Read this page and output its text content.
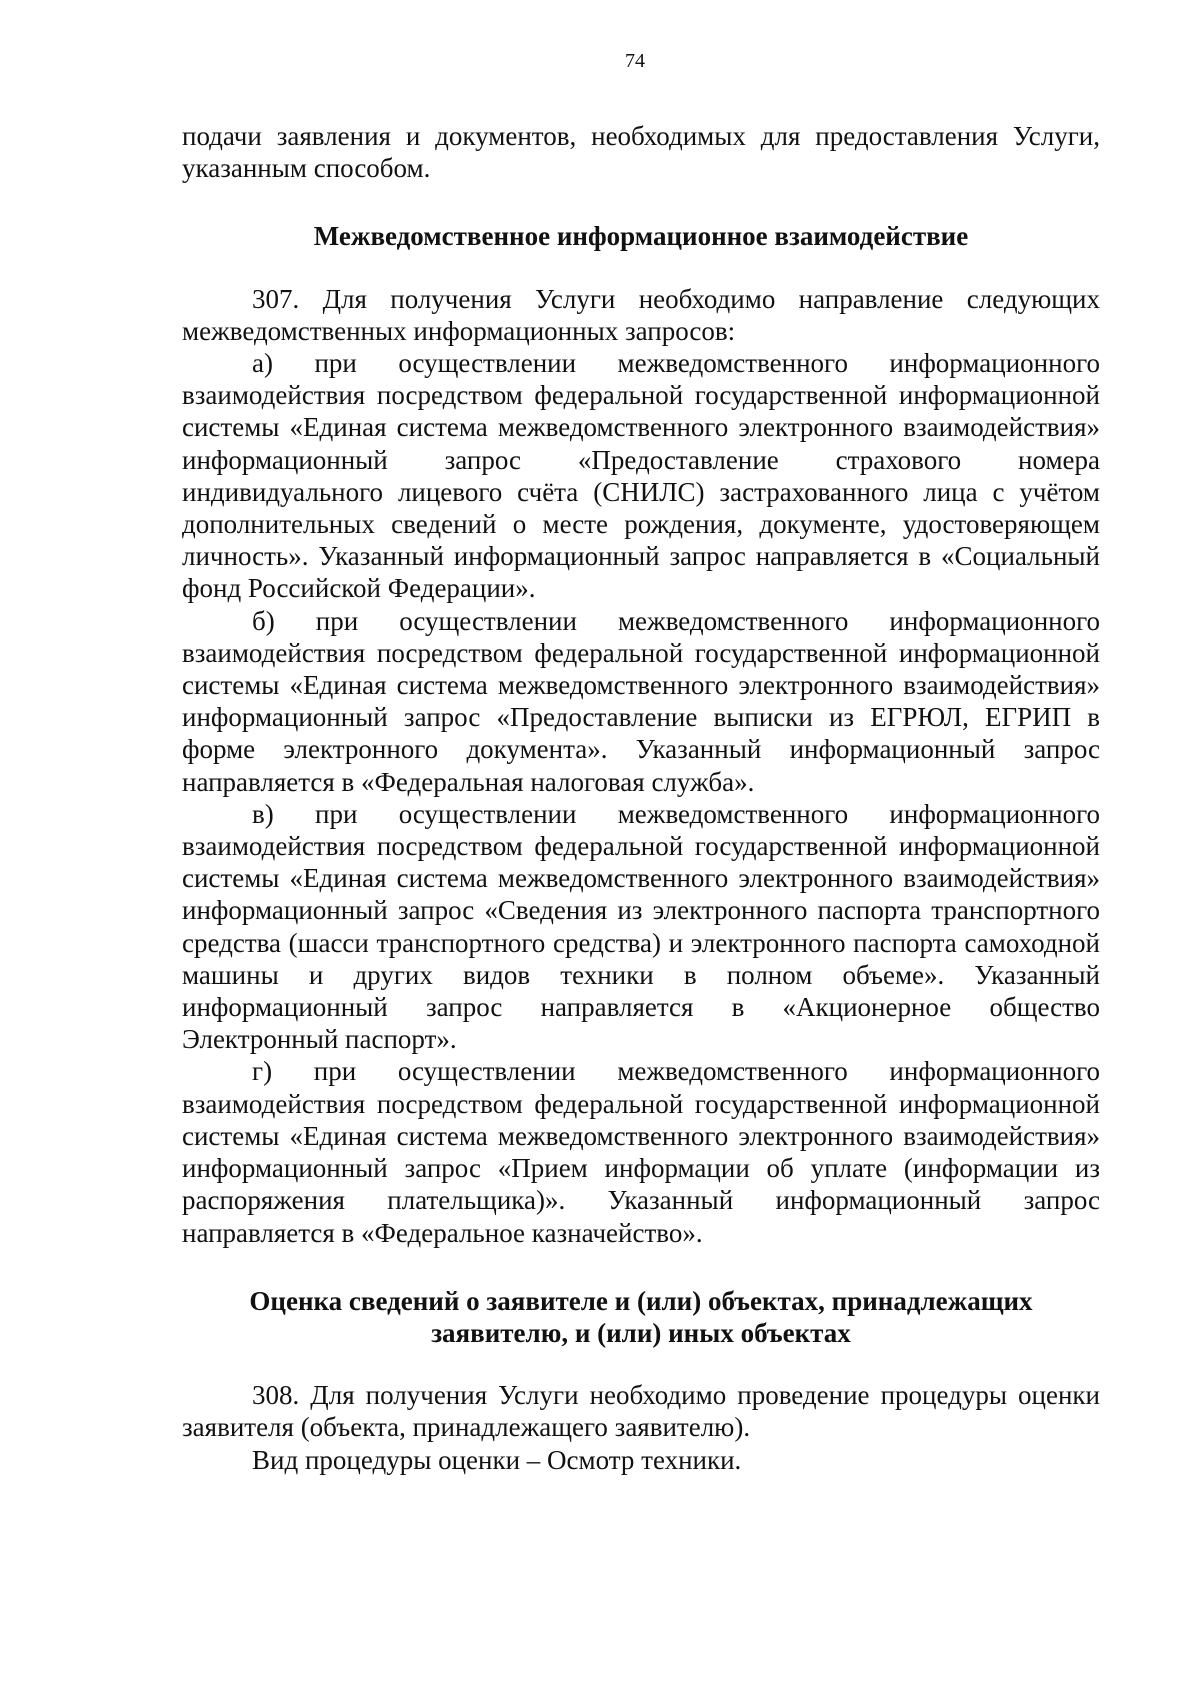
74

подачи заявления и документов, необходимых для предоставления Услуги, указанным способом.

Межведомственное информационное взаимодействие

307. Для получения Услуги необходимо направление следующих межведомственных информационных запросов:

а) при осуществлении межведомственного информационного взаимодействия посредством федеральной государственной информационной системы «Единая система межведомственного электронного взаимодействия» информационный запрос «Предоставление страхового номера индивидуального лицевого счёта (СНИЛС) застрахованного лица с учётом дополнительных сведений о месте рождения, документе, удостоверяющем личность». Указанный информационный запрос направляется в «Социальный фонд Российской Федерации».

б) при осуществлении межведомственного информационного взаимодействия посредством федеральной государственной информационной системы «Единая система межведомственного электронного взаимодействия» информационный запрос «Предоставление выписки из ЕГРЮЛ, ЕГРИП в форме электронного документа». Указанный информационный запрос направляется в «Федеральная налоговая служба».

в) при осуществлении межведомственного информационного взаимодействия посредством федеральной государственной информационной системы «Единая система межведомственного электронного взаимодействия» информационный запрос «Сведения из электронного паспорта транспортного средства (шасси транспортного средства) и электронного паспорта самоходной машины и других видов техники в полном объеме». Указанный информационный запрос направляется в «Акционерное общество Электронный паспорт».

г) при осуществлении межведомственного информационного взаимодействия посредством федеральной государственной информационной системы «Единая система межведомственного электронного взаимодействия» информационный запрос «Прием информации об уплате (информации из распоряжения плательщика)». Указанный информационный запрос направляется в «Федеральное казначейство».

Оценка сведений о заявителе и (или) объектах, принадлежащих
заявителю, и (или) иных объектах

308. Для получения Услуги необходимо проведение процедуры оценки заявителя (объекта, принадлежащего заявителю).

Вид процедуры оценки – Осмотр техники.
